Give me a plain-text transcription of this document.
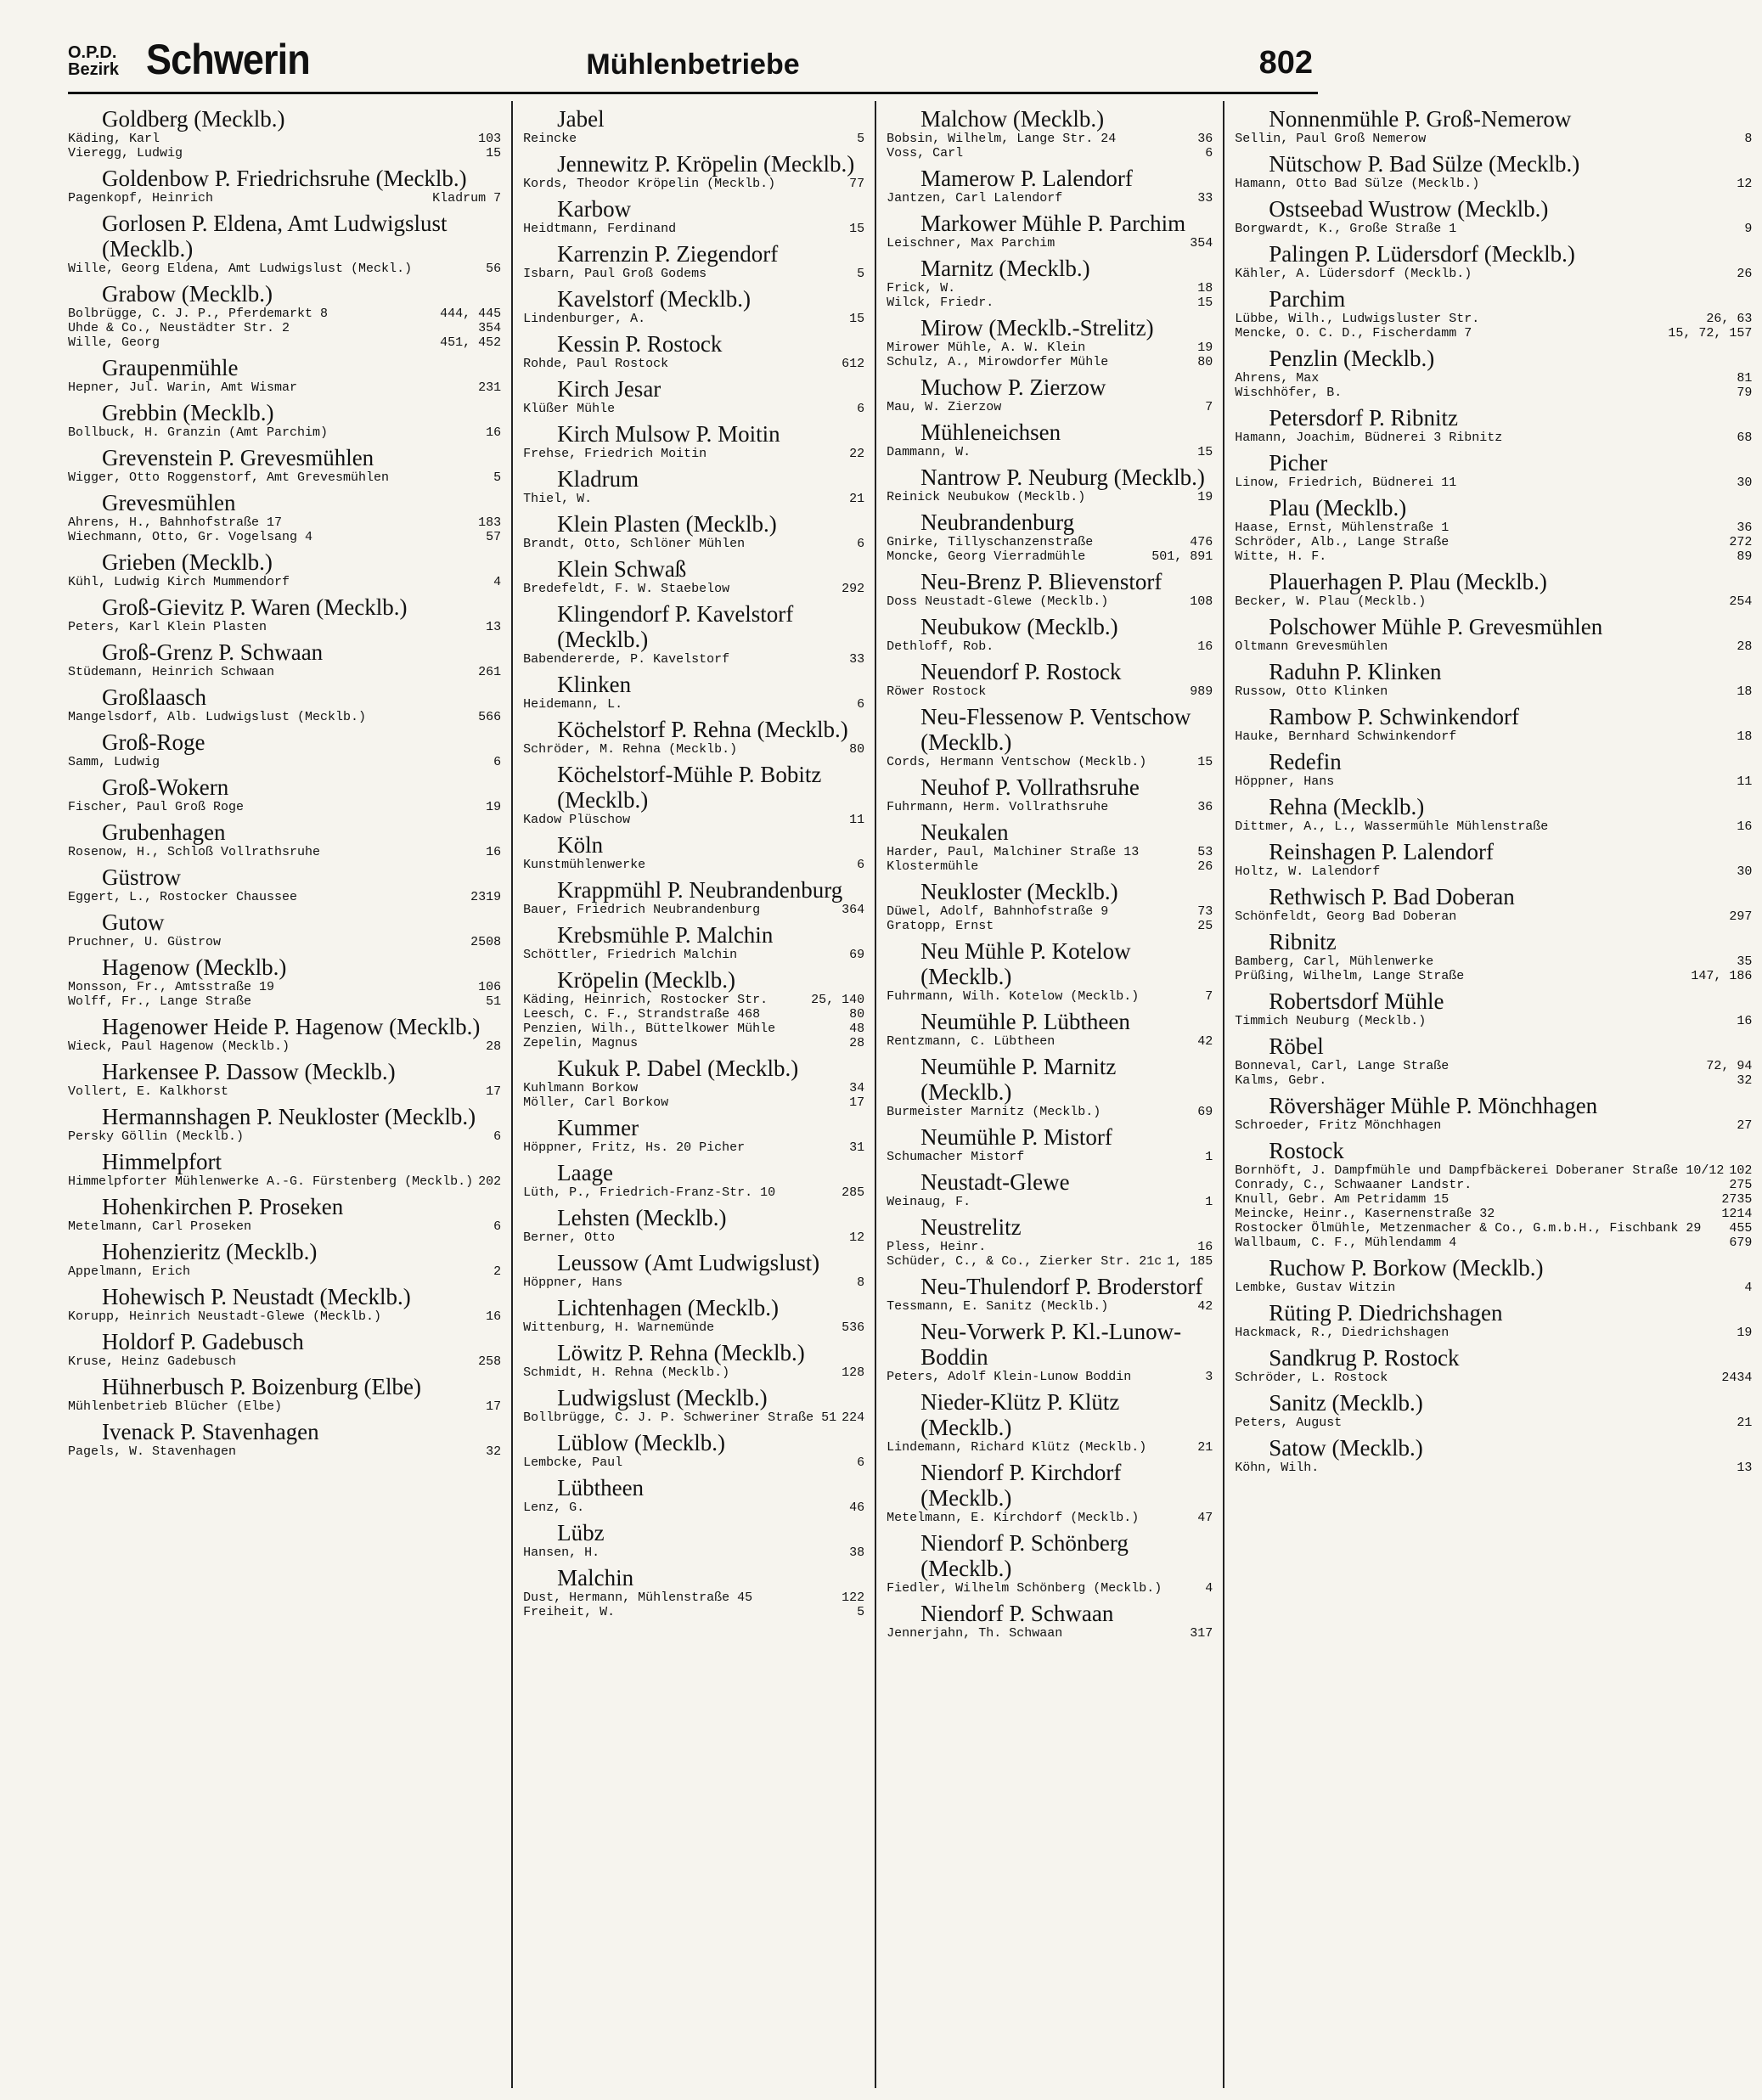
O.P.D. Bezirk Schwerin	Mühlenbetriebe	802
Goldberg (Mecklb.)
Käding, Karl	103
Vieregg, Ludwig	15
Goldenbow P. Friedrichsruhe (Mecklb.)
Pagenkopf, Heinrich	Kladrum 7
Gorlosen P. Eldena, Amt Ludwigslust (Mecklb.)
Wille, Georg Eldena, Amt Ludwigslust (Meckl.)	56
Grabow (Mecklb.)
Bolbrügge, C. J. P., Pferdemarkt 8	444, 445
Uhde & Co., Neustädter Str. 2	354
Wille, Georg	451, 452
Graupenmühle
Hepner, Jul. Warin, Amt Wismar	231
Grebbin (Mecklb.)
Bollbuck, H. Granzin (Amt Parchim)	16
Grevenstein P. Grevesmühlen
Wigger, Otto Roggenstorf, Amt Grevesmühlen	5
Grevesmühlen
Ahrens, H., Bahnhofstraße 17	183
Wiechmann, Otto, Gr. Vogelsang 4	57
Grieben (Mecklb.)
Kühl, Ludwig Kirch Mummendorf	4
Groß-Gievitz P. Waren (Mecklb.)
Peters, Karl Klein Plasten	13
Groß-Grenz P. Schwaan
Stüdemann, Heinrich Schwaan	261
Großlaasch
Mangelsdorf, Alb. Ludwigslust (Mecklb.)	566
Groß-Roge
Samm, Ludwig	6
Groß-Wokern
Fischer, Paul Groß Roge	19
Grubenhagen
Rosenow, H., Schloß Vollrathsruhe	16
Güstrow
Eggert, L., Rostocker Chaussee	2319
Gutow
Pruchner, U. Güstrow	2508
Hagenow (Mecklb.)
Monsson, Fr., Amtsstraße 19	106
Wolff, Fr., Lange Straße	51
Hagenower Heide P. Hagenow (Mecklb.)
Wieck, Paul Hagenow (Mecklb.)	28
Harkensee P. Dassow (Mecklb.)
Vollert, E. Kalkhorst	17
Hermannshagen P. Neukloster (Mecklb.)
Persky Göllin (Mecklb.)	6
Himmelpfort
Himmelpforter Mühlenwerke A.-G. Fürstenberg (Mecklb.) 202
Hohenkirchen P. Proseken
Metelmann, Carl Proseken	6
Hohenzieritz (Mecklb.)
Appelmann, Erich	2
Hohewisch P. Neustadt (Mecklb.)
Korupp, Heinrich Neustadt-Glewe (Mecklb.)	16
Holdorf P. Gadebusch
Kruse, Heinz Gadebusch	258
Hühnerbusch P. Boizenburg (Elbe)
Mühlenbetrieb Blücher (Elbe)	17
Ivenack P. Stavenhagen
Pagels, W. Stavenhagen	32
Jabel
Reincke	5
Jennewitz P. Kröpelin (Mecklb.)
Kords, Theodor Kröpelin (Mecklb.)	77
Karbow
Heidtmann, Ferdinand	15
Karrenzin P. Ziegendorf
Isbarn, Paul Groß Godems	5
Kavelstorf (Mecklb.)
Lindenburger, A.	15
Kessin P. Rostock
Rohde, Paul Rostock	612
Kirch Jesar
Klüßer Mühle	6
Kirch Mulsow P. Moitin
Frehse, Friedrich Moitin	22
Kladrum
Thiel, W.	21
Klein Plasten (Mecklb.)
Brandt, Otto, Schlöner Mühlen	6
Klein Schwaß
Bredefeldt, F. W. Staebelow	292
Klingendorf P. Kavelstorf (Mecklb.)
Babendererde, P. Kavelstorf	33
Klinken
Heidemann, L.	6
Köchelstorf P. Rehna (Mecklb.)
Schröder, M. Rehna (Mecklb.)	80
Köchelstorf-Mühle P. Bobitz (Mecklb.)
Kadow Plüschow	11
Köln
Kunstmühlenwerke	6
Krappmühl P. Neubrandenburg
Bauer, Friedrich Neubrandenburg	364
Krebsmühle P. Malchin
Schöttler, Friedrich Malchin	69
Kröpelin (Mecklb.)
Käding, Heinrich, Rostocker Str.	25, 140
Leesch, C. F., Strandstraße 468	80
Penzien, Wilh., Büttelkower Mühle	48
Zepelin, Magnus	28
Kukuk P. Dabel (Mecklb.)
Kuhlmann Borkow	34
Möller, Carl Borkow	17
Kummer
Höppner, Fritz, Hs. 20 Picher	31
Laage
Lüth, P., Friedrich-Franz-Str. 10	285
Lehsten (Mecklb.)
Berner, Otto	12
Leussow (Amt Ludwigslust)
Höppner, Hans	8
Lichtenhagen (Mecklb.)
Wittenburg, H. Warnemünde	536
Löwitz P. Rehna (Mecklb.)
Schmidt, H. Rehna (Mecklb.)	128
Ludwigslust (Mecklb.)
Bollbrügge, C. J. P. Schweriner Straße 51 224
Lüblow (Mecklb.)
Lembcke, Paul	6
Lübtheen
Lenz, G.	46
Lübz
Hansen, H.	38
Malchin
Dust, Hermann, Mühlenstraße 45	122
Freiheit, W.	5
Malchow (Mecklb.)
Bobsin, Wilhelm, Lange Str. 24	36
Voss, Carl	6
Mamerow P. Lalendorf
Jantzen, Carl Lalendorf	33
Markower Mühle P. Parchim
Leischner, Max Parchim	354
Marnitz (Mecklb.)
Frick, W.	18
Wilck, Friedr.	15
Mirow (Mecklb.-Strelitz)
Mirower Mühle, A. W. Klein	19
Schulz, A., Mirowdorfer Mühle	80
Muchow P. Zierzow
Mau, W. Zierzow	7
Mühleneichsen
Dammann, W.	15
Nantrow P. Neuburg (Mecklb.)
Reinick Neubukow (Mecklb.)	19
Neubrandenburg
Gnirke, Tillyschanzenstraße	476
Moncke, Georg Vierradmühle	501, 891
Neu-Brenz P. Blievenstorf
Doss Neustadt-Glewe (Mecklb.)	108
Neubukow (Mecklb.)
Dethloff, Rob.	16
Neuendorf P. Rostock
Röwer Rostock	989
Neu-Flessenow P. Ventschow (Mecklb.)
Cords, Hermann Ventschow (Mecklb.)	15
Neuhof P. Vollrathsruhe
Fuhrmann, Herm. Vollrathsruhe	36
Neukalen
Harder, Paul, Malchiner Straße 13	53
Klostermühle	26
Neukloster (Mecklb.)
Düwel, Adolf, Bahnhofstraße 9	73
Gratopp, Ernst	25
Neu Mühle P. Kotelow (Mecklb.)
Fuhrmann, Wilh. Kotelow (Mecklb.)	7
Neumühle P. Lübtheen
Rentzmann, C. Lübtheen	42
Neumühle P. Marnitz (Mecklb.)
Burmeister Marnitz (Mecklb.)	69
Neumühle P. Mistorf
Schumacher Mistorf	1
Neustadt-Glewe
Weinaug, F.	1
Neustrelitz
Pless, Heinr.	16
Schüder, C., & Co., Zierker Str. 21c 1, 185
Neu-Thulendorf P. Broderstorf
Tessmann, E. Sanitz (Mecklb.)	42
Neu-Vorwerk P. Kl.-Lunow-Boddin
Peters, Adolf Klein-Lunow Boddin	3
Nieder-Klütz P. Klütz (Mecklb.)
Lindemann, Richard Klütz (Mecklb.)	21
Niendorf P. Kirchdorf (Mecklb.)
Metelmann, E. Kirchdorf (Mecklb.)	47
Niendorf P. Schönberg (Mecklb.)
Fiedler, Wilhelm Schönberg (Mecklb.)	4
Niendorf P. Schwaan
Jennerjahn, Th. Schwaan	317
Nonnenmühle P. Groß-Nemerow
Sellin, Paul Groß Nemerow	8
Nütschow P. Bad Sülze (Mecklb.)
Hamann, Otto Bad Sülze (Mecklb.)	12
Ostseebad Wustrow (Mecklb.)
Borgwardt, K., Große Straße 1	9
Palingen P. Lüdersdorf (Mecklb.)
Kähler, A. Lüdersdorf (Mecklb.)	26
Parchim
Lübbe, Wilh., Ludwigsluster Str.	26, 63
Mencke, O. C. D., Fischerdamm 7	15, 72, 157
Penzlin (Mecklb.)
Ahrens, Max	81
Wischhöfer, B.	79
Petersdorf P. Ribnitz
Hamann, Joachim, Büdnerei 3 Ribnitz	68
Picher
Linow, Friedrich, Büdnerei 11	30
Plau (Mecklb.)
Haase, Ernst, Mühlenstraße 1	36
Schröder, Alb., Lange Straße	272
Witte, H. F.	89
Plauerhagen P. Plau (Mecklb.)
Becker, W. Plau (Mecklb.)	254
Polschower Mühle P. Grevesmühlen
Oltmann Grevesmühlen	28
Raduhn P. Klinken
Russow, Otto Klinken	18
Rambow P. Schwinkendorf
Hauke, Bernhard Schwinkendorf	18
Redefin
Höppner, Hans	11
Rehna (Mecklb.)
Dittmer, A., L., Wassermühle Mühlenstraße	16
Reinshagen P. Lalendorf
Holtz, W. Lalendorf	30
Rethwisch P. Bad Doberan
Schönfeldt, Georg Bad Doberan	297
Ribnitz
Bamberg, Carl, Mühlenwerke	35
Prüßing, Wilhelm, Lange Straße	147, 186
Robertsdorf Mühle
Timmich Neuburg (Mecklb.)	16
Röbel
Bonneval, Carl, Lange Straße	72, 94
Kalms, Gebr.	32
Rövershäger Mühle P. Mönchhagen
Schroeder, Fritz Mönchhagen	27
Rostock
Bornhöft, J. Dampfmühle und Dampfbäckerei Doberaner Straße 10/12 102
Conrady, C., Schwaaner Landstr.	275
Knull, Gebr. Am Petridamm 15	2735
Meincke, Heinr., Kasernenstraße 32	1214
Rostocker Ölmühle, Metzenmacher & Co., G.m.b.H., Fischbank 29	455
Wallbaum, C. F., Mühlendamm 4	679
Ruchow P. Borkow (Mecklb.)
Lembke, Gustav Witzin	4
Rüting P. Diedrichshagen
Hackmack, R., Diedrichshagen	19
Sandkrug P. Rostock
Schröder, L. Rostock	2434
Sanitz (Mecklb.)
Peters, August	21
Satow (Mecklb.)
Köhn, Wilh.	13
